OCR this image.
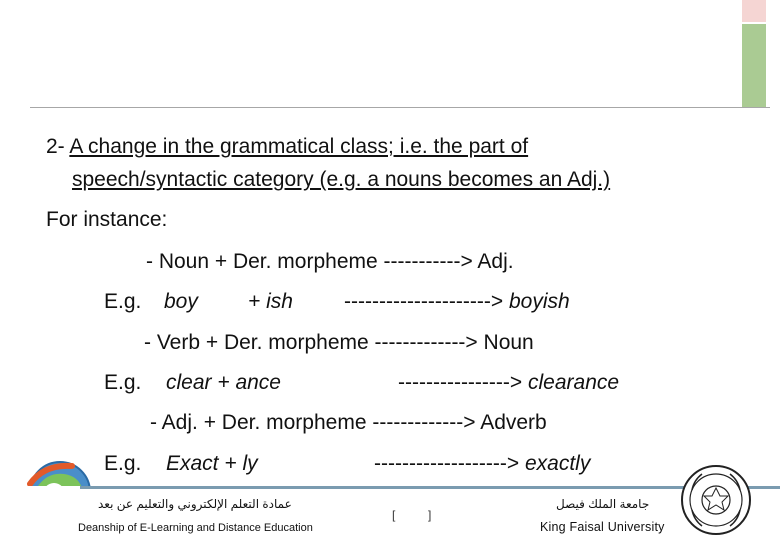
2- A change in the grammatical class; i.e. the part of
speech/syntactic category (e.g. a nouns becomes an Adj.)
For instance:
- Noun + Der. morpheme -----------> Adj.
E.g. boy + ish ---------------------> boyish
- Verb + Der. morpheme -------------> Noun
E.g. clear + ance	----------------> clearance
- Adj. + Der. morpheme -------------> Adverb
E.g. Exact + ly	-------------------> exactly
عمادة التعلم الإلكتروني والتعليم عن بعد
Deanship of E-Learning and Distance Education
[	]
جامعة الملك فيصل
King Faisal University
